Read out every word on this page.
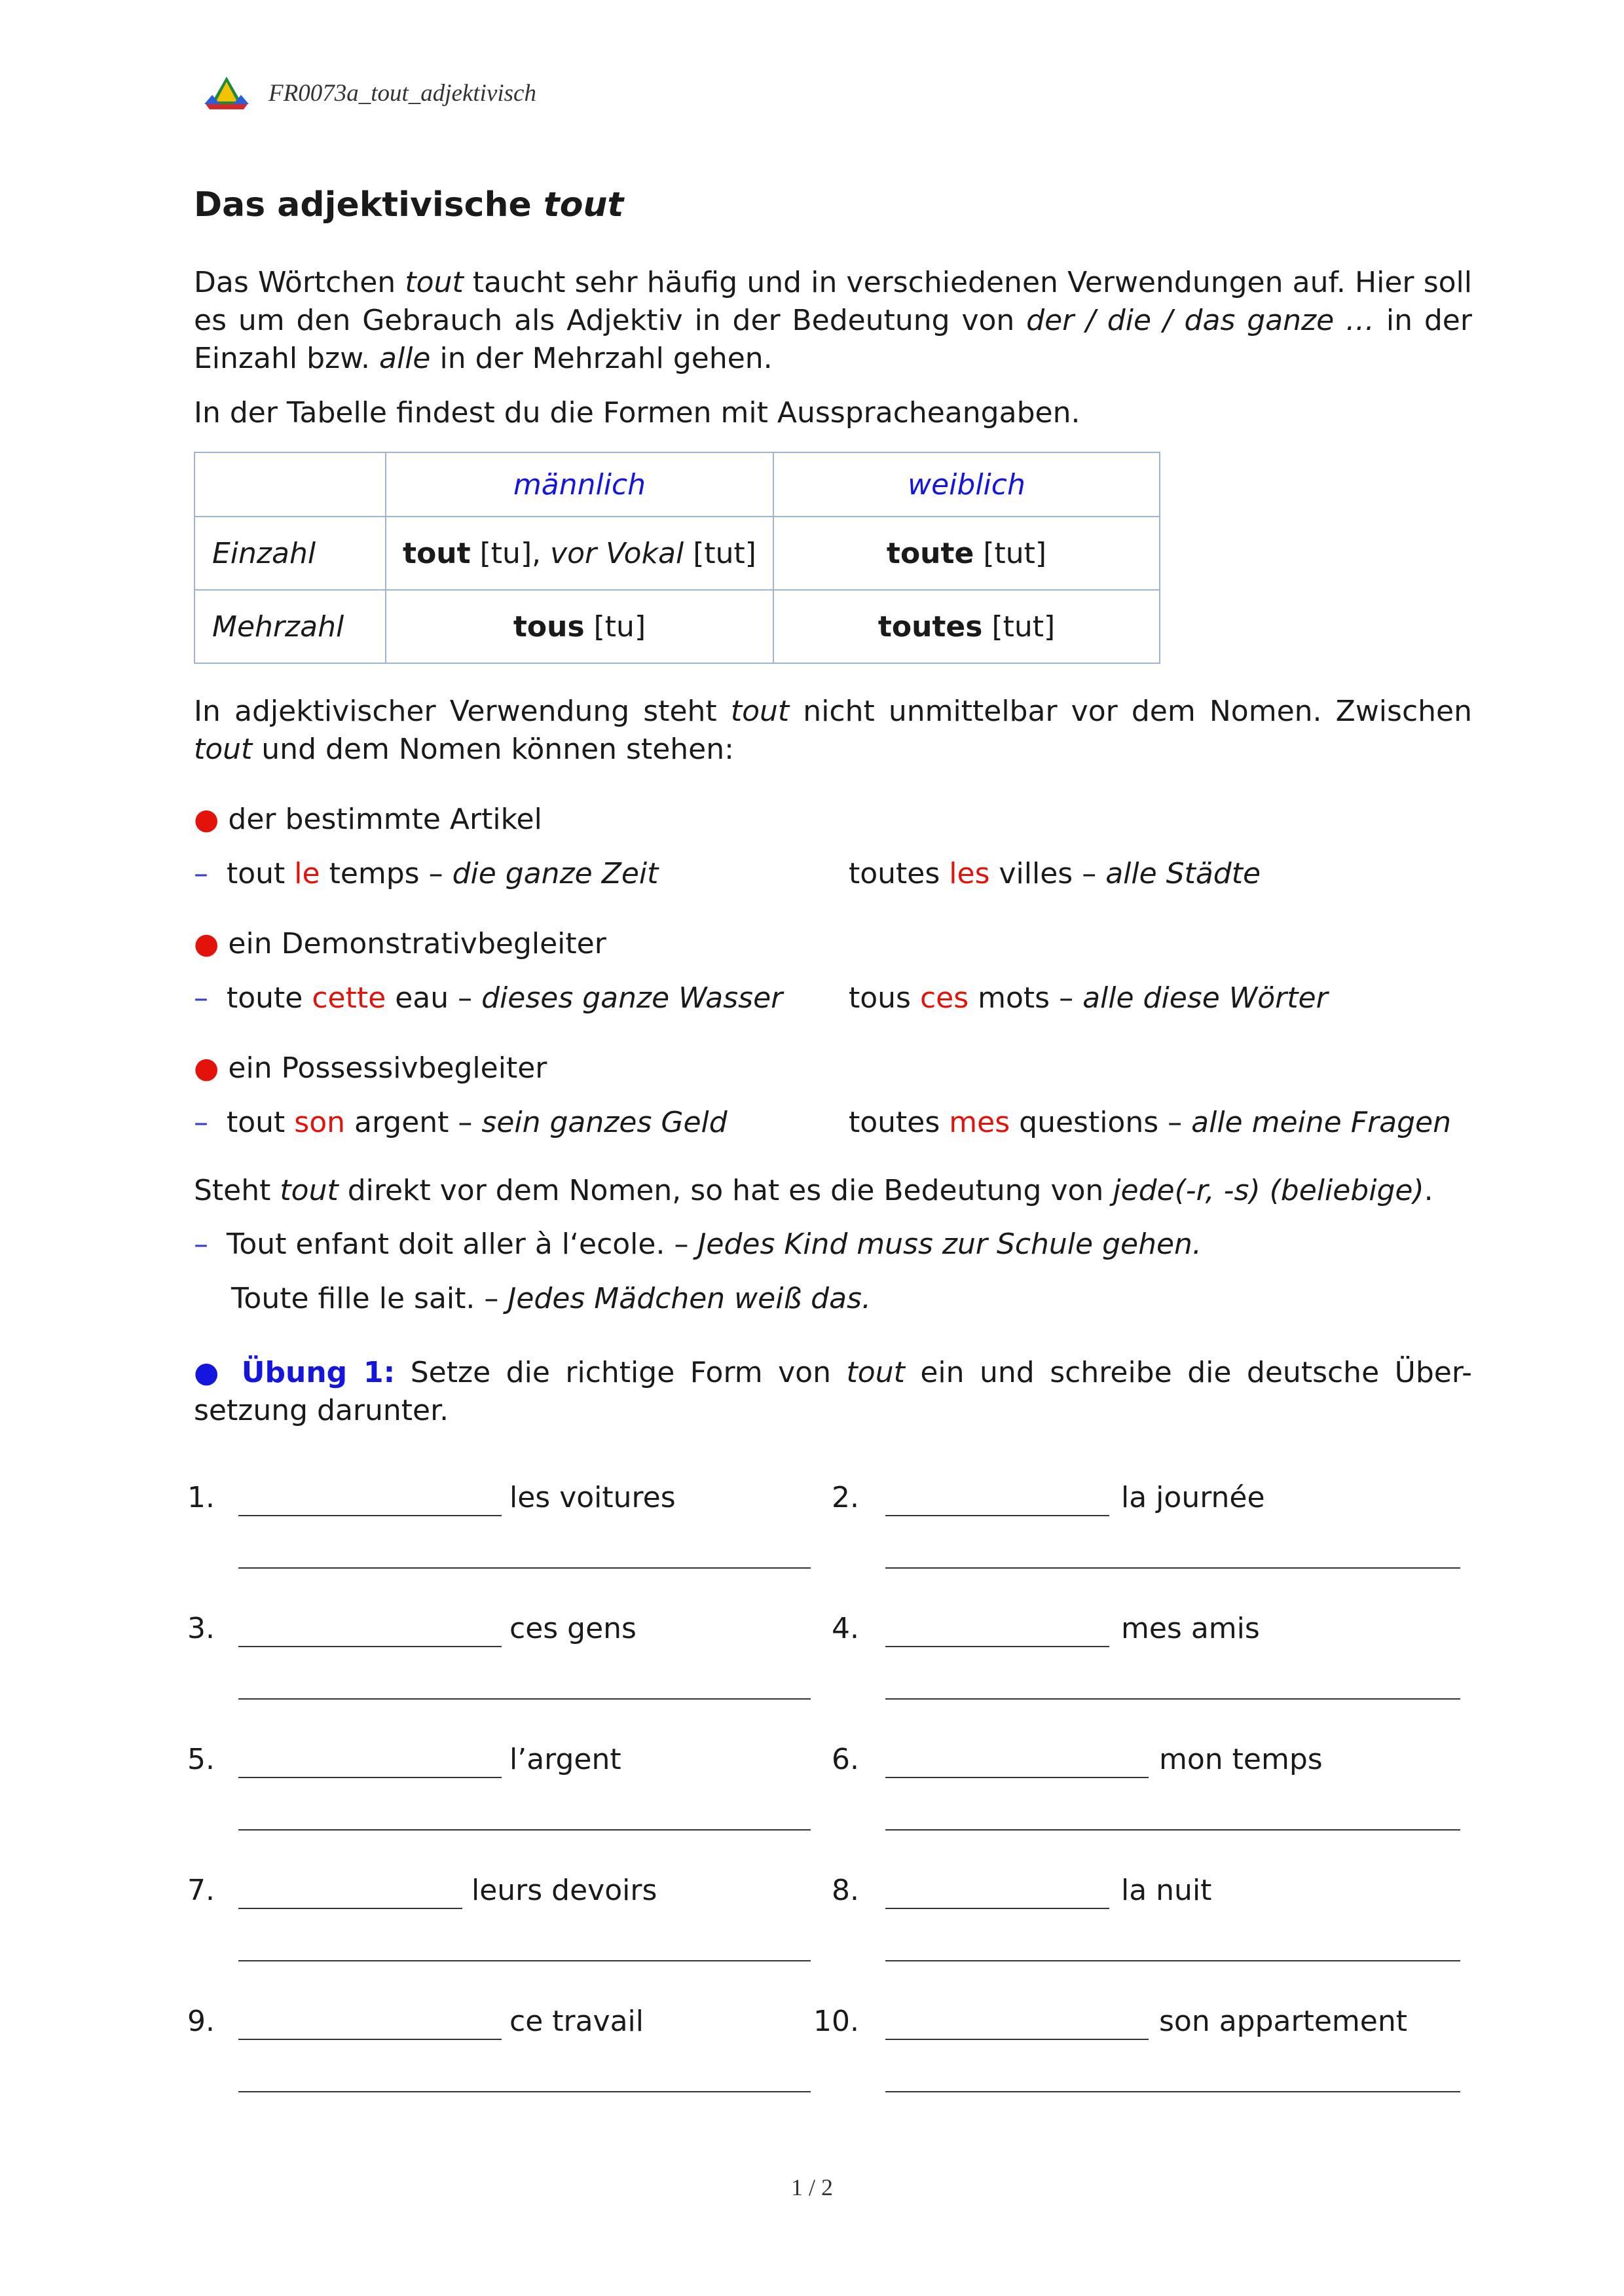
FR0073a_tout_adjektivisch
Das adjektivische tout
Das Wörtchen tout taucht sehr häufig und in verschiedenen Verwendungen auf. Hier soll es um den Gebrauch als Adjektiv in der Bedeutung von der / die / das ganze … in der Einzahl bzw. alle in der Mehrzahl gehen.
In der Tabelle findest du die Formen mit Ausspracheangaben.
	männlich	weiblich
Einzahl	tout [tu], vor Vokal [tut]	toute [tut]
Mehrzahl	tous [tu]	toutes [tut]
In adjektivischer Verwendung steht tout nicht unmittelbar vor dem Nomen. Zwischen tout und dem Nomen können stehen:
● der bestimmte Artikel
– tout le temps – die ganze Zeit	toutes les villes – alle Städte
● ein Demonstrativbegleiter
– toute cette eau – dieses ganze Wasser tous ces mots – alle diese Wörter
● ein Possessivbegleiter
– tout son argent – sein ganzes Geld	toutes mes questions – alle meine Fragen
Steht tout direkt vor dem Nomen, so hat es die Bedeutung von jede(-r, -s) (beliebige).
– Tout enfant doit aller à l‘ecole. – Jedes Kind muss zur Schule gehen.
Toute fille le sait. – Jedes Mädchen weiß das.
● Übung 1: Setze die richtige Form von tout ein und schreibe die deutsche Über-setzung darunter.
1.	les voitures	2.	la journée
3.	ces gens	4.	mes amis
5.	l’argent	6.	mon temps
7.	leurs devoirs	8.	la nuit
9.	ce travail	10.	son appartement
1 / 2
